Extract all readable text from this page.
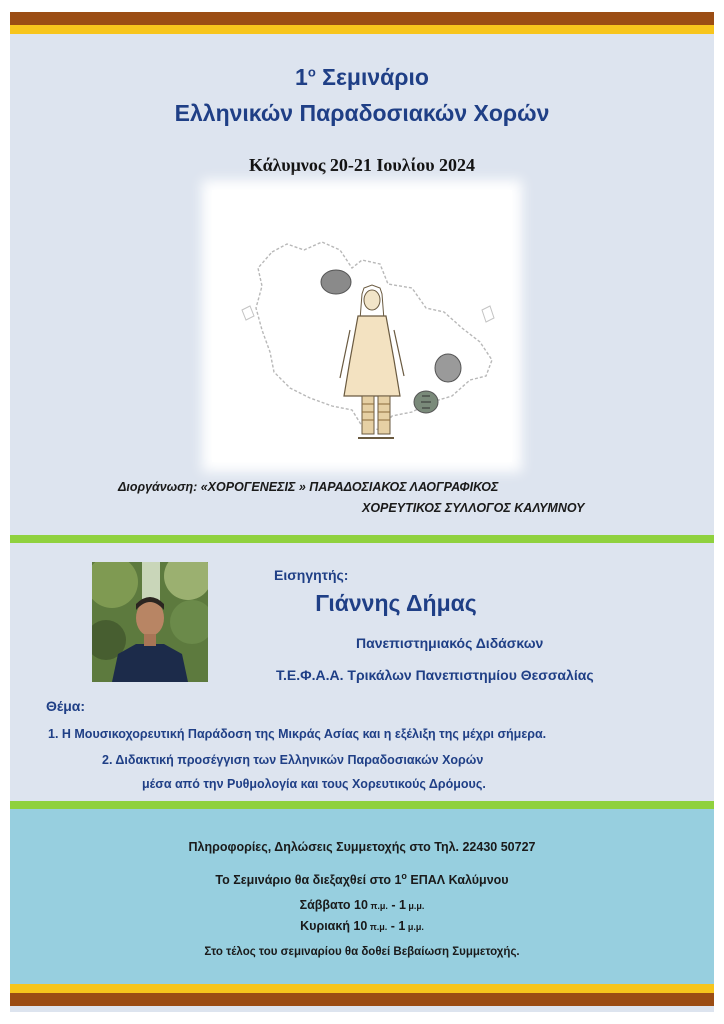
$1^o$ Σεμινάριο
Ελληνικών Παραδοσιακών Χορών
Κάλυμνος 20-21 Ιουλίου 2024
Διοργάνωση: «ΧΟΡΟΓΕΝΕΣΙΣ » ΠΑΡΑΔΟΣΙΑΚΟΣ ΛΑΟΓΡΑΦΙΚΟΣ
ΧΟΡΕΥΤΙΚΟΣ ΣΥΛΛΟΓΟΣ ΚΑΛΥΜΝΟΥ
Εισηγητής:
Γιάννης Δήμας
Πανεπιστημιακός Διδάσκων
Τ.Ε.Φ.Α.Α. Τρικάλων Πανεπιστημίου Θεσσαλίας
Θέμα:
1. Η Μουσικοχορευτική Παράδοση της Μικράς Ασίας και η εξέλιξη της μέχρι σήμερα.
2. Διδακτική προσέγγιση των Ελληνικών Παραδοσιακών Χορών
μέσα από την Ρυθμολογία και τους Χορευτικούς Δρόμους.
Πληροφορίες, Δηλώσεις Συμμετοχής στο Τηλ. 22430 50727
Το Σεμινάριο θα διεξαχθεί στο $1^o$ ΕΠΑΛ Καλύμνου
Σάββατο 10 π.μ. - 1 μ.μ.
Κυριακή 10 π.μ. - 1 μ.μ.
Στο τέλος του σεμιναρίου θα δοθεί Βεβαίωση Συμμετοχής.
